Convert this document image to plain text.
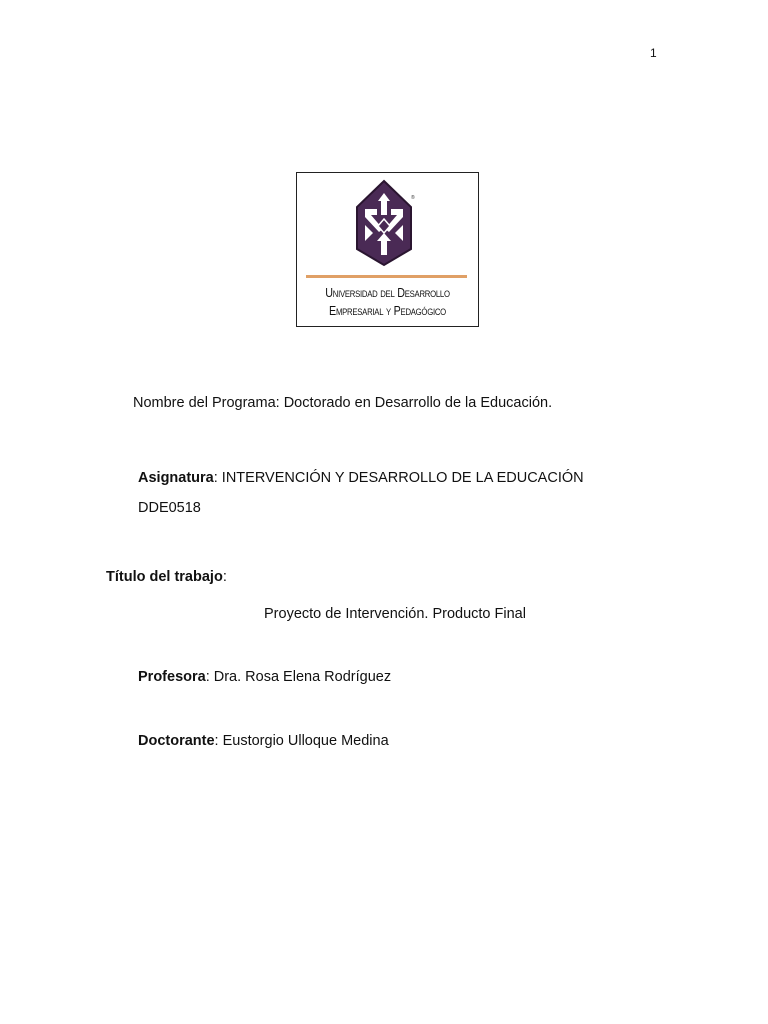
1
®
Universidad del Desarrollo
Empresarial y Pedagógico
Nombre del Programa: Doctorado en Desarrollo de la Educación.
Asignatura: INTERVENCIÓN Y DESARROLLO DE LA EDUCACIÓN
DDE0518
Título del trabajo:
Proyecto de Intervención. Producto Final
Profesora: Dra. Rosa Elena Rodríguez
Doctorante: Eustorgio Ulloque Medina
